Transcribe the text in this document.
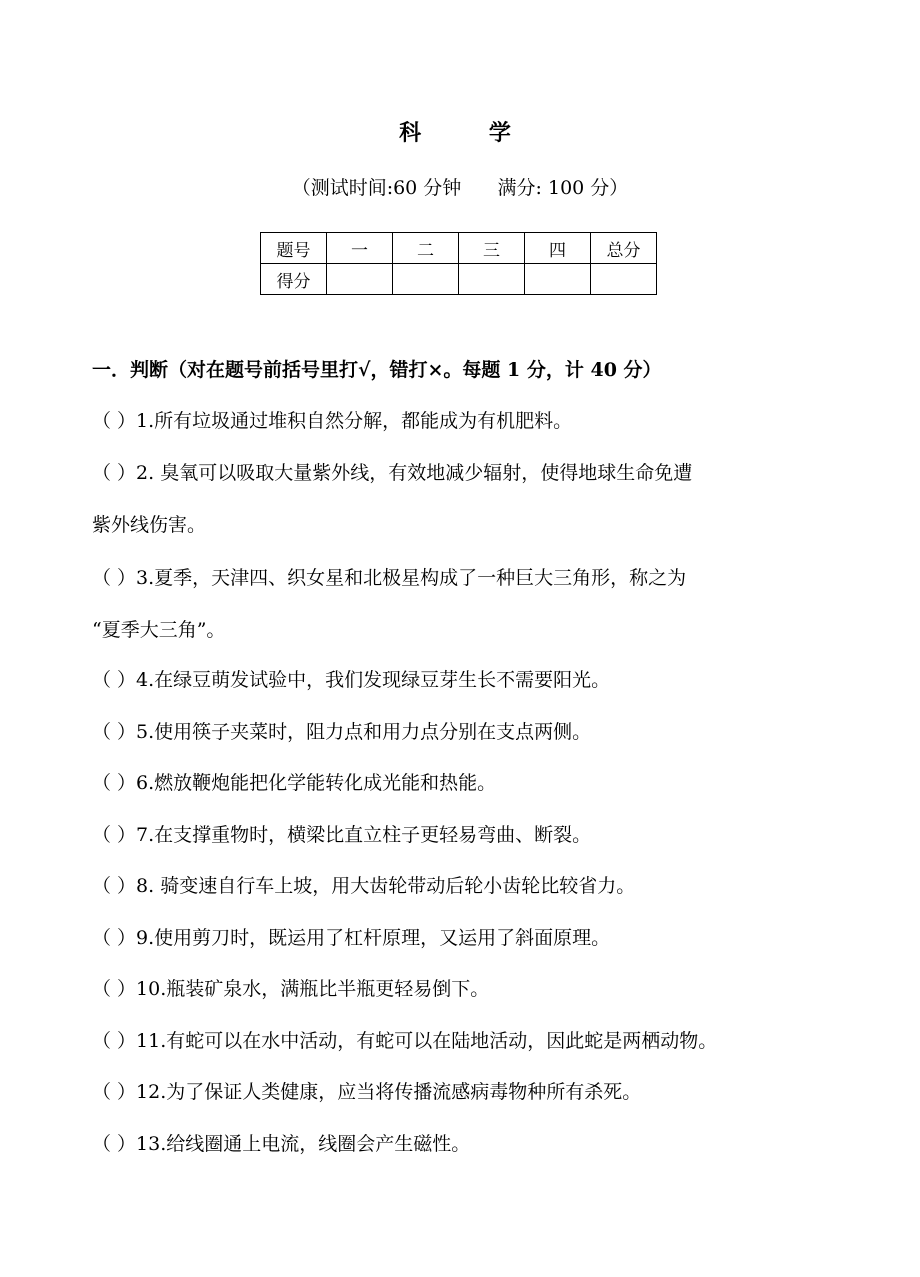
科 学
（测试时间:60 分钟      满分: 100 分）
题号	一	二	三	四	总分
得分					
一．判断（对在题号前括号里打√，错打×。每题 1 分，计 40 分）
（ ）1.所有垃圾通过堆积自然分解，都能成为有机肥料。
（ ）2. 臭氧可以吸取大量紫外线，有效地减少辐射，使得地球生命免遭
紫外线伤害。
（ ）3.夏季，天津四、织女星和北极星构成了一种巨大三角形，称之为
“夏季大三角”。
（ ）4.在绿豆萌发试验中，我们发现绿豆芽生长不需要阳光。
（ ）5.使用筷子夹菜时，阻力点和用力点分别在支点两侧。
（ ）6.燃放鞭炮能把化学能转化成光能和热能。
（ ）7.在支撑重物时，横梁比直立柱子更轻易弯曲、断裂。
（ ）8. 骑变速自行车上坡，用大齿轮带动后轮小齿轮比较省力。
（ ）9.使用剪刀时，既运用了杠杆原理，又运用了斜面原理。
（ ）10.瓶装矿泉水，满瓶比半瓶更轻易倒下。
（ ）11.有蛇可以在水中活动，有蛇可以在陆地活动，因此蛇是两栖动物。
（ ）12.为了保证人类健康，应当将传播流感病毒物种所有杀死。
（ ）13.给线圈通上电流，线圈会产生磁性。
